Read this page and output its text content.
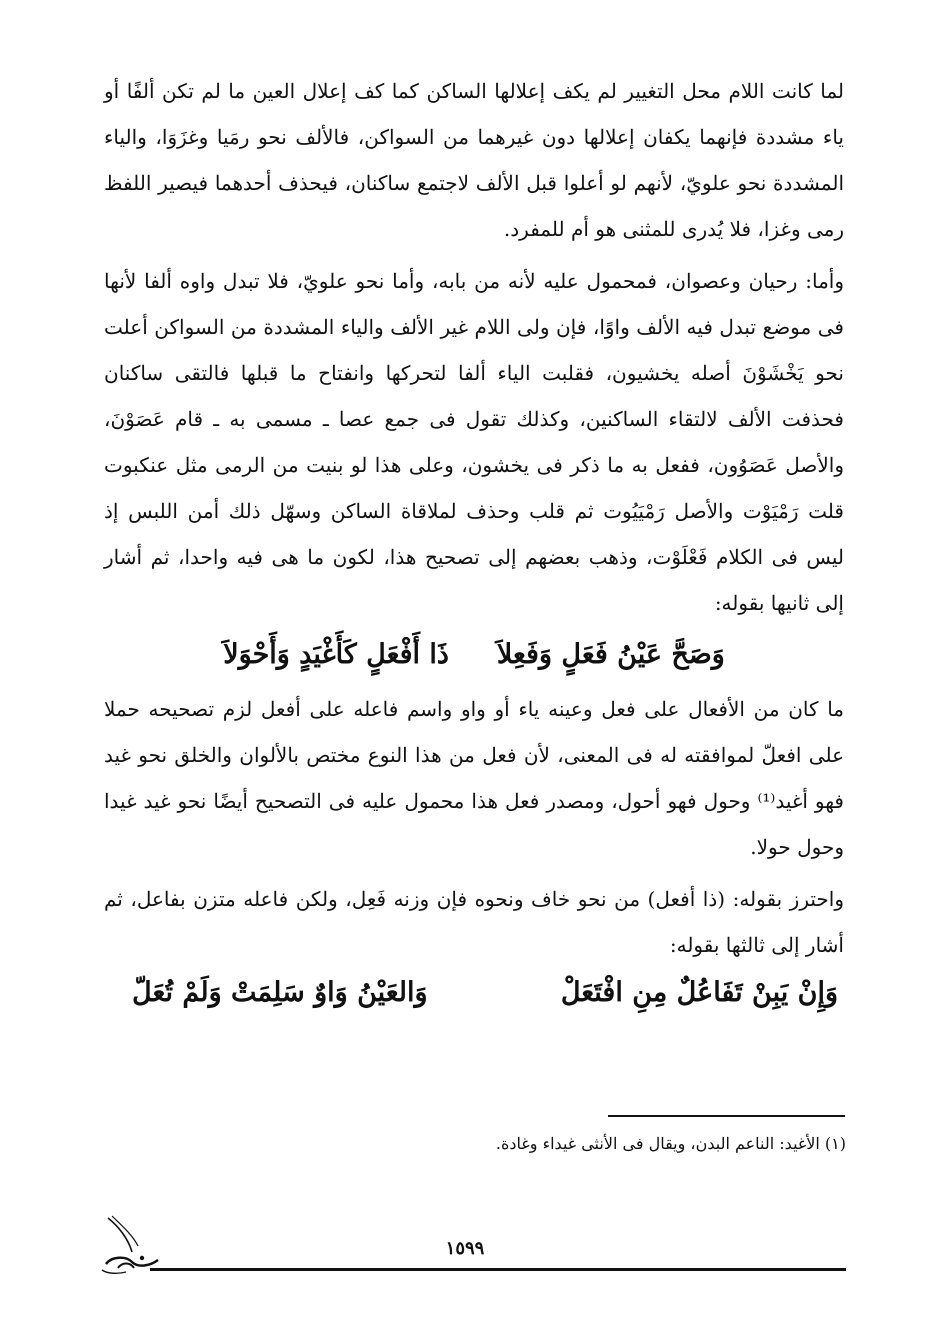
لما كانت اللام محل التغيير لم يكف إعلالها الساكن كما كف إعلال العين ما لم تكن ألفًا أو ياء مشددة فإنهما يكفان إعلالها دون غيرهما من السواكن، فالألف نحو رمَيا وغزَوَا، والياء المشددة نحو علويّ، لأنهم لو أعلوا قبل الألف لاجتمع ساكنان، فيحذف أحدهما فيصير اللفظ رمى وغزا، فلا يُدرى للمثنى هو أم للمفرد.

وأما: رحيان وعصوان، فمحمول عليه لأنه من بابه، وأما نحو علويّ، فلا تبدل واوه ألفا لأنها فى موضع تبدل فيه الألف واوًا، فإن ولى اللام غير الألف والياء المشددة من السواكن أعلت نحو يَخْشَوْنَ أصله يخشيون، فقلبت الياء ألفا لتحركها وانفتاح ما قبلها فالتقى ساكنان فحذفت الألف لالتقاء الساكنين، وكذلك تقول فى جمع عصا ـ مسمى به ـ قام عَصَوْنَ، والأصل عَصَوُون، ففعل به ما ذكر فى يخشون، وعلى هذا لو بنيت من الرمى مثل عنكبوت قلت رَمْيَوْت والأصل رَمْيَيُوت ثم قلب وحذف لملاقاة الساكن وسهّل ذلك أمن اللبس إذ ليس فى الكلام فَعْلَوْت، وذهب بعضهم إلى تصحيح هذا، لكون ما هى فيه واحدا، ثم أشار إلى ثانيها بقوله:

وَصَحَّ عَيْنُ فَعَلٍ وَفَعِلاَ
ذَا أَفْعَلٍ كَأَغْيَدٍ وَأَحْوَلاَ

ما كان من الأفعال على فعل وعينه ياء أو واو واسم فاعله على أفعل لزم تصحيحه حملا على افعلّ لموافقته له فى المعنى، لأن فعل من هذا النوع مختص بالألوان والخلق نحو غيد فهو أغيد⁽¹⁾ وحول فهو أحول، ومصدر فعل هذا محمول عليه فى التصحيح أيضًا نحو غيد غيدا وحول حولا.

واحترز بقوله: (ذا أفعل) من نحو خاف ونحوه فإن وزنه فَعِل، ولكن فاعله متزن بفاعل، ثم أشار إلى ثالثها بقوله:

وَإِنْ يَبِنْ تَفَاعُلٌ مِنِ افْتَعَلْ
وَالعَيْنُ وَاوٌ سَلِمَتْ وَلَمْ تُعَلّ
(١) الأغيد: الناعم البدن، ويقال فى الأنثى غيداء وغادة.
١٥٩٩
